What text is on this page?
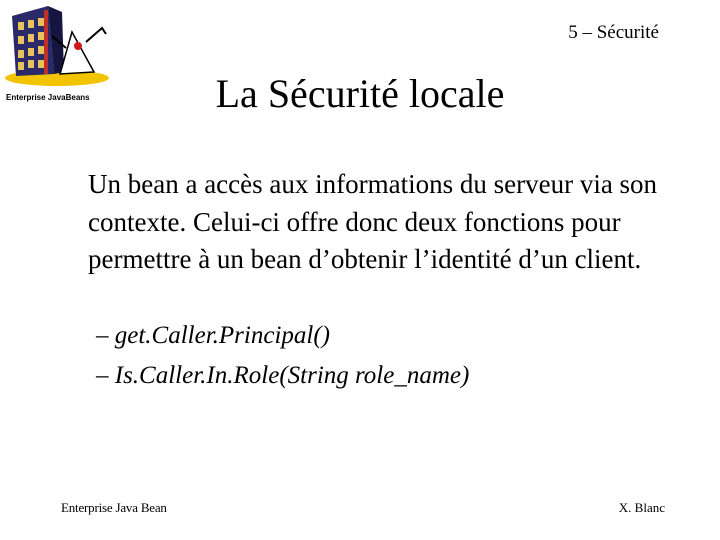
Enterprise JavaBeans
5 – Sécurité
La Sécurité locale

Un bean a accès aux informations du serveur via son contexte. Celui-ci offre donc deux fonctions pour permettre à un bean d’obtenir l’identité d’un client.

– get.Caller.Principal()
– Is.Caller.In.Role(String role_name)
Enterprise Java Bean	X. Blanc
